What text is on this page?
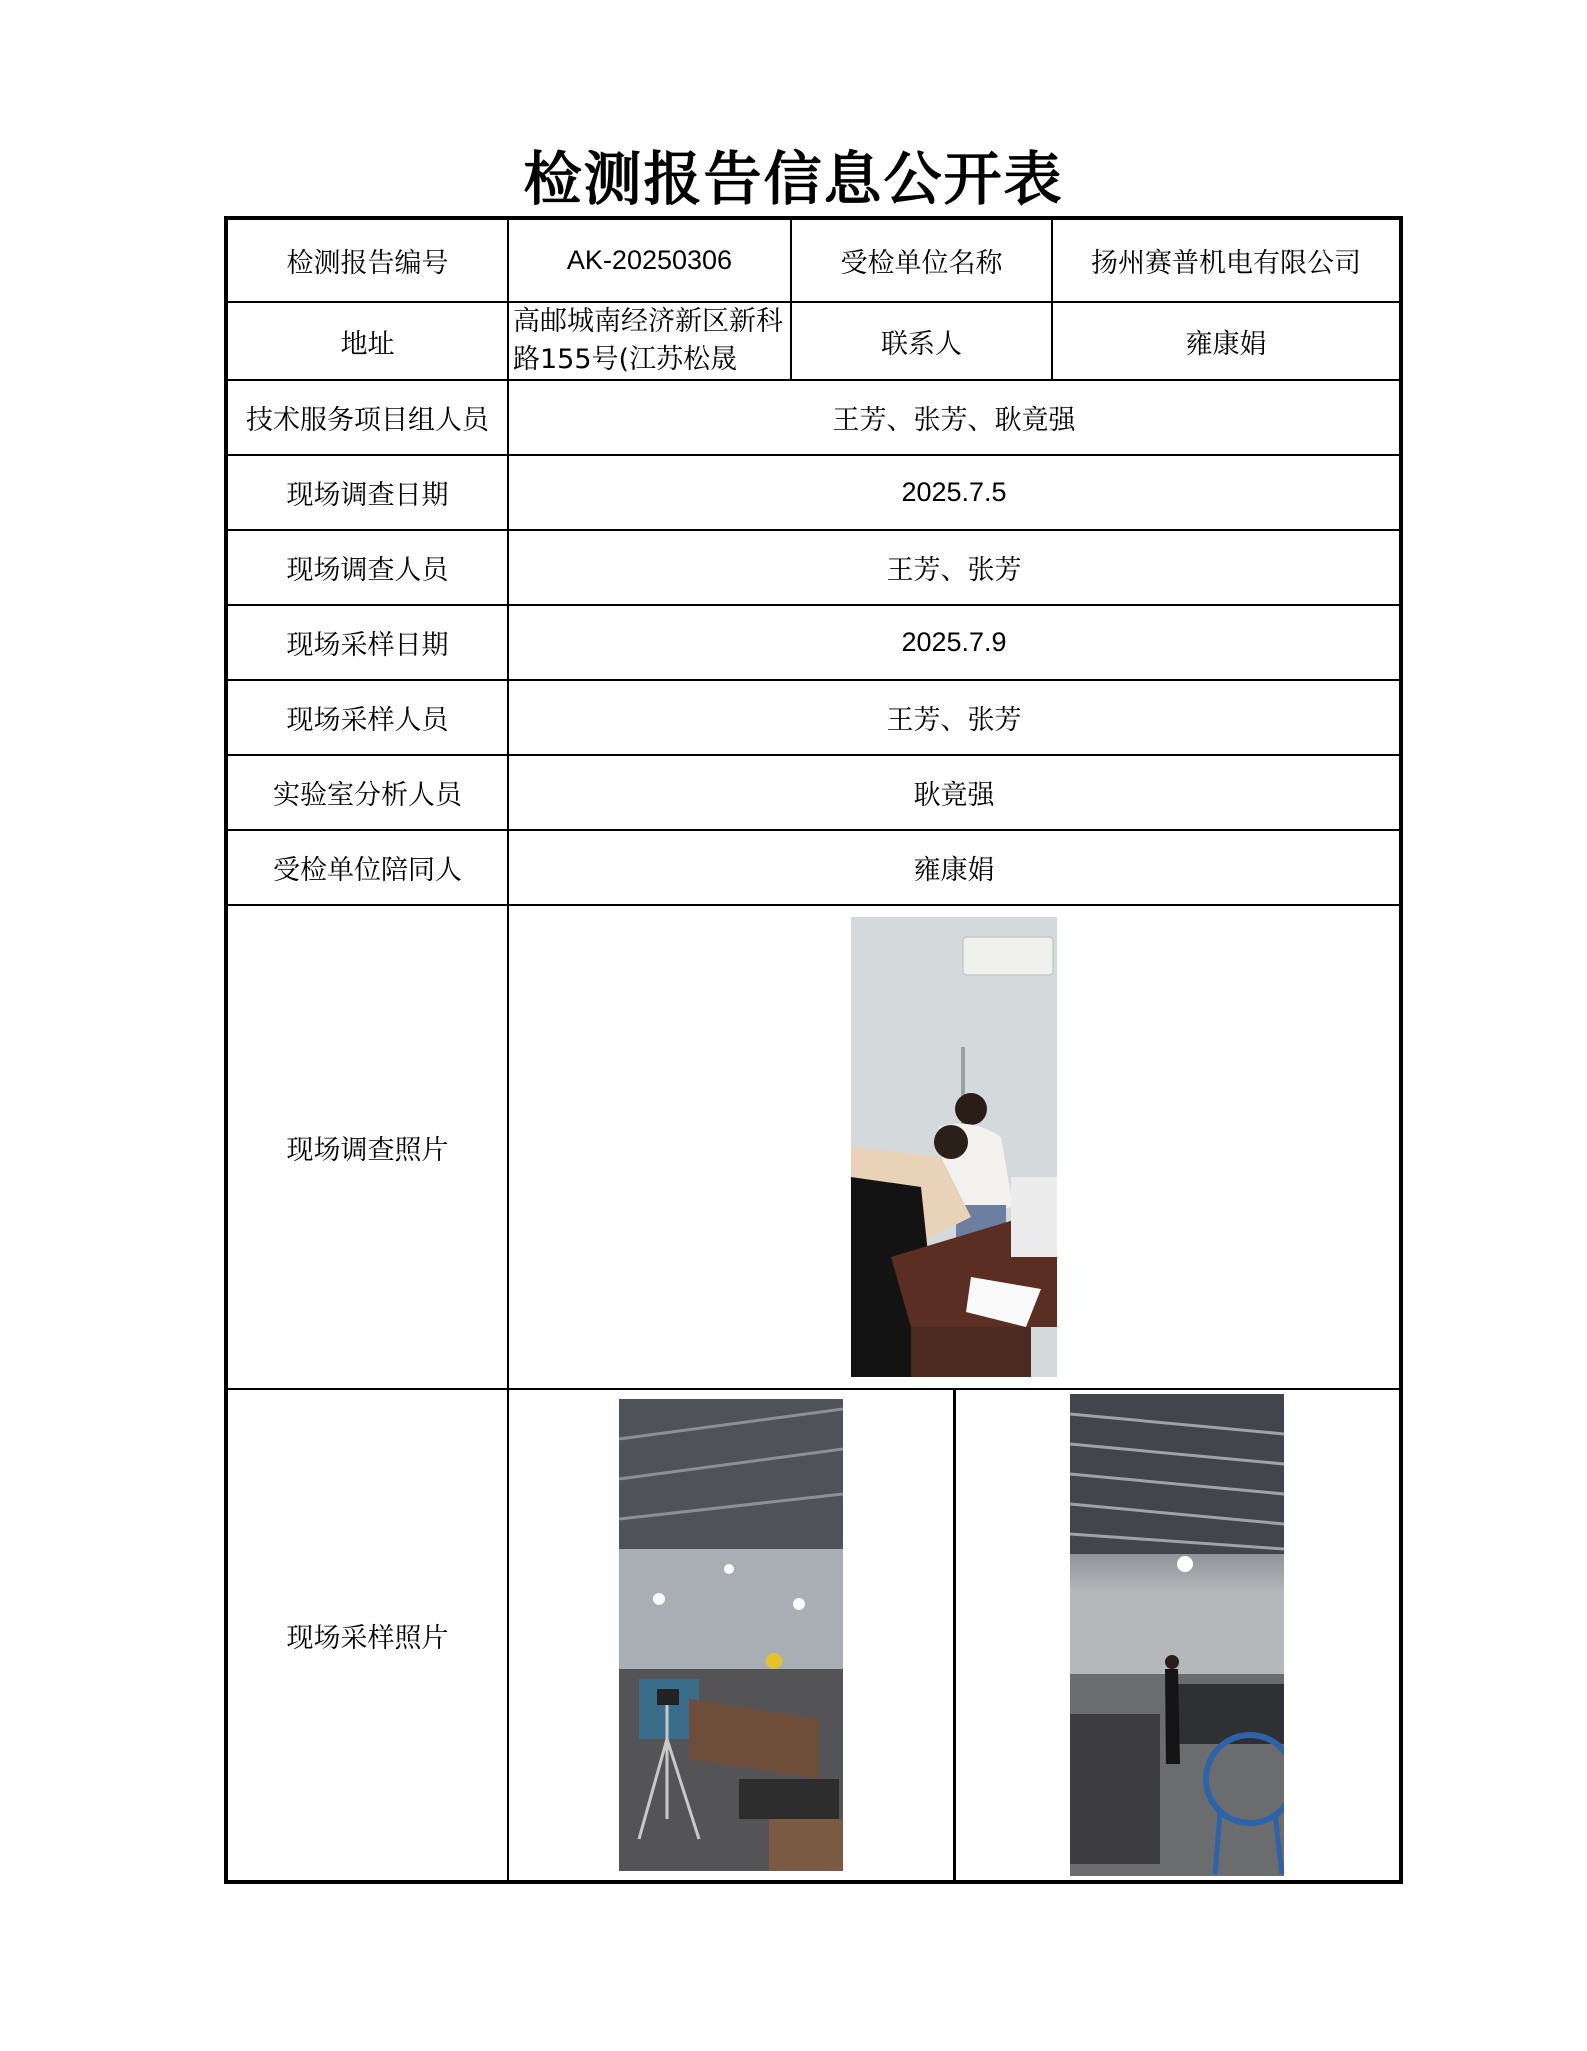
检测报告信息公开表
检测报告编号	AK-20250306	受检单位名称	扬州赛普机电有限公司
地址	高邮城南经济新区新科路155号(江苏松晟	联系人	雍康娟
技术服务项目组人员	王芳、张芳、耿竟强		
现场调查日期	2025.7.5		
现场调查人员	王芳、张芳		
现场采样日期	2025.7.9		
现场采样人员	王芳、张芳		
实验室分析人员	耿竟强		
受检单位陪同人	雍康娟		
现场调查照片	

现场采样照片	
